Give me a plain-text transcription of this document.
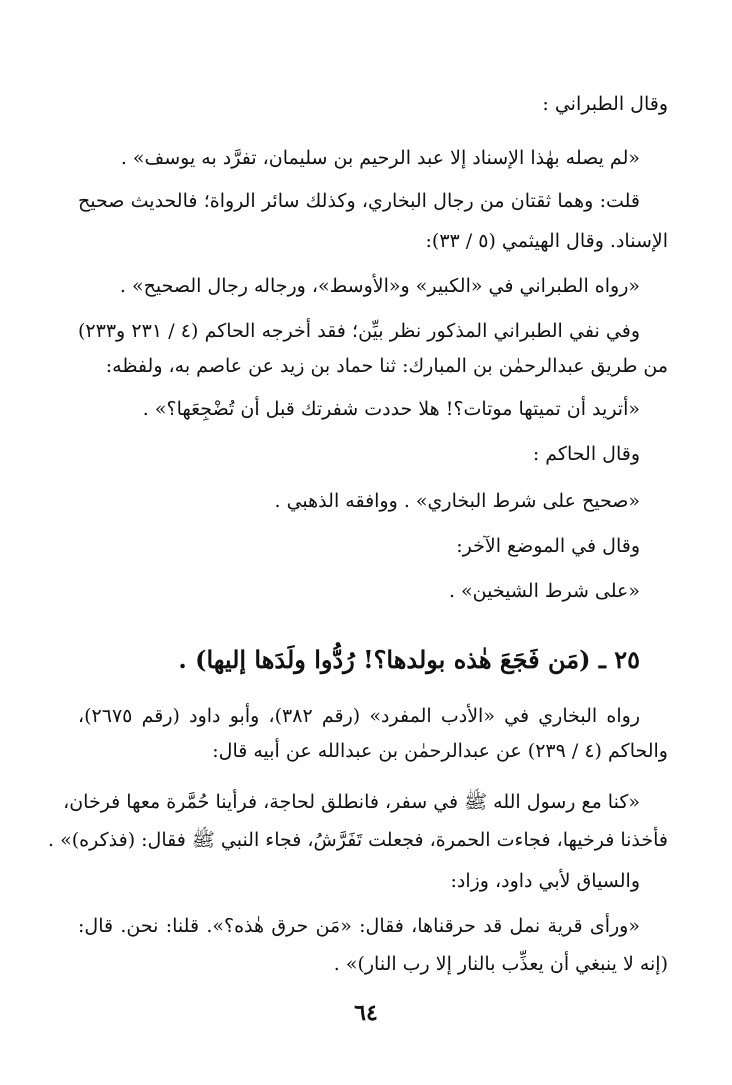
وقال الطبراني :
«لم يصله بهٰذا الإسناد إلا عبد الرحيم بن سليمان، تفرَّد به يوسف» .
قلت: وهما ثقتان من رجال البخاري، وكذلك سائر الرواة؛ فالحديث صحيح
الإسناد. وقال الهيثمي (٥ / ٣٣):
«رواه الطبراني في «الكبير» و«الأوسط»، ورجاله رجال الصحيح» .
وفي نفي الطبراني المذكور نظر بيِّن؛ فقد أخرجه الحاكم (٤ / ٢٣١ و٢٣٣)
من طريق عبدالرحمٰن بن المبارك: ثنا حماد بن زيد عن عاصم به، ولفظه:
«أتريد أن تميتها موتات؟! هلا حددت شفرتك قبل أن تُضْجِعَها؟» .
وقال الحاكم :
«صحيح على شرط البخاري» . ووافقه الذهبي .
وقال في الموضع الآخر:
«على شرط الشيخين» .
٢٥ ـ (مَن فَجَعَ هٰذه بولدها؟! رُدُّوا ولَدَها إليها) .
رواه البخاري في «الأدب المفرد» (رقم ٣٨٢)، وأبو داود (رقم ٢٦٧٥)،
والحاكم (٤ / ٢٣٩) عن عبدالرحمٰن بن عبدالله عن أبيه قال:
«كنا مع رسول الله ﷺ في سفر، فانطلق لحاجة، فرأينا حُمَّرة معها فرخان،
فأخذنا فرخيها، فجاءت الحمرة، فجعلت تَفَرَّشُ، فجاء النبي ﷺ فقال: (فذكره)» .
والسياق لأبي داود، وزاد:
«ورأى قرية نمل قد حرقناها، فقال: «مَن حرق هٰذه؟». قلنا: نحن. قال:
(إنه لا ينبغي أن يعذِّب بالنار إلا رب النار)» .
٦٤
